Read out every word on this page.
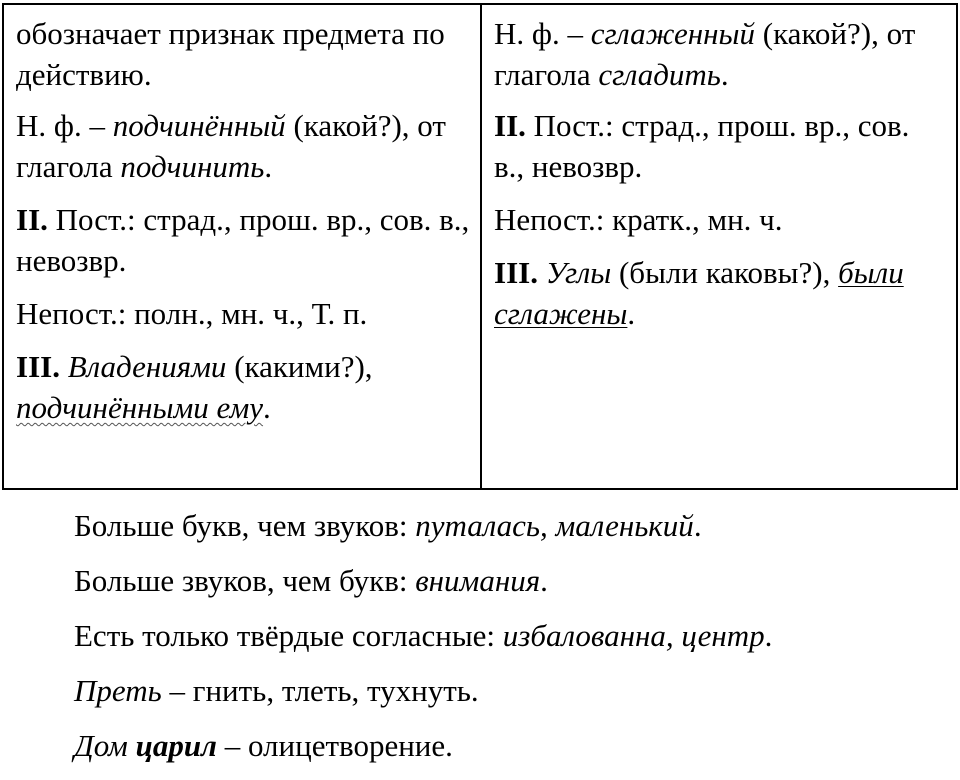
обозначает признак предмета по действию.

Н. ф. – подчинённый (какой?), от глагола подчинить.

II. Пост.: страд., прош. вр., сов. в., невозвр.

Непост.: полн., мн. ч., Т. п.

III. Владениями (какими?), подчинёнными ему.

Н. ф. – сглаженный (какой?), от глагола сгладить.

II. Пост.: страд., прош. вр., сов. в., невозвр.

Непост.: кратк., мн. ч.

III. Углы (были каковы?), были сглажены.

Больше букв, чем звуков: путалась, маленький.

Больше звуков, чем букв: внимания.

Есть только твёрдые согласные: избалованна, центр.

Преть – гнить, тлеть, тухнуть.

Дом царил – олицетворение.
